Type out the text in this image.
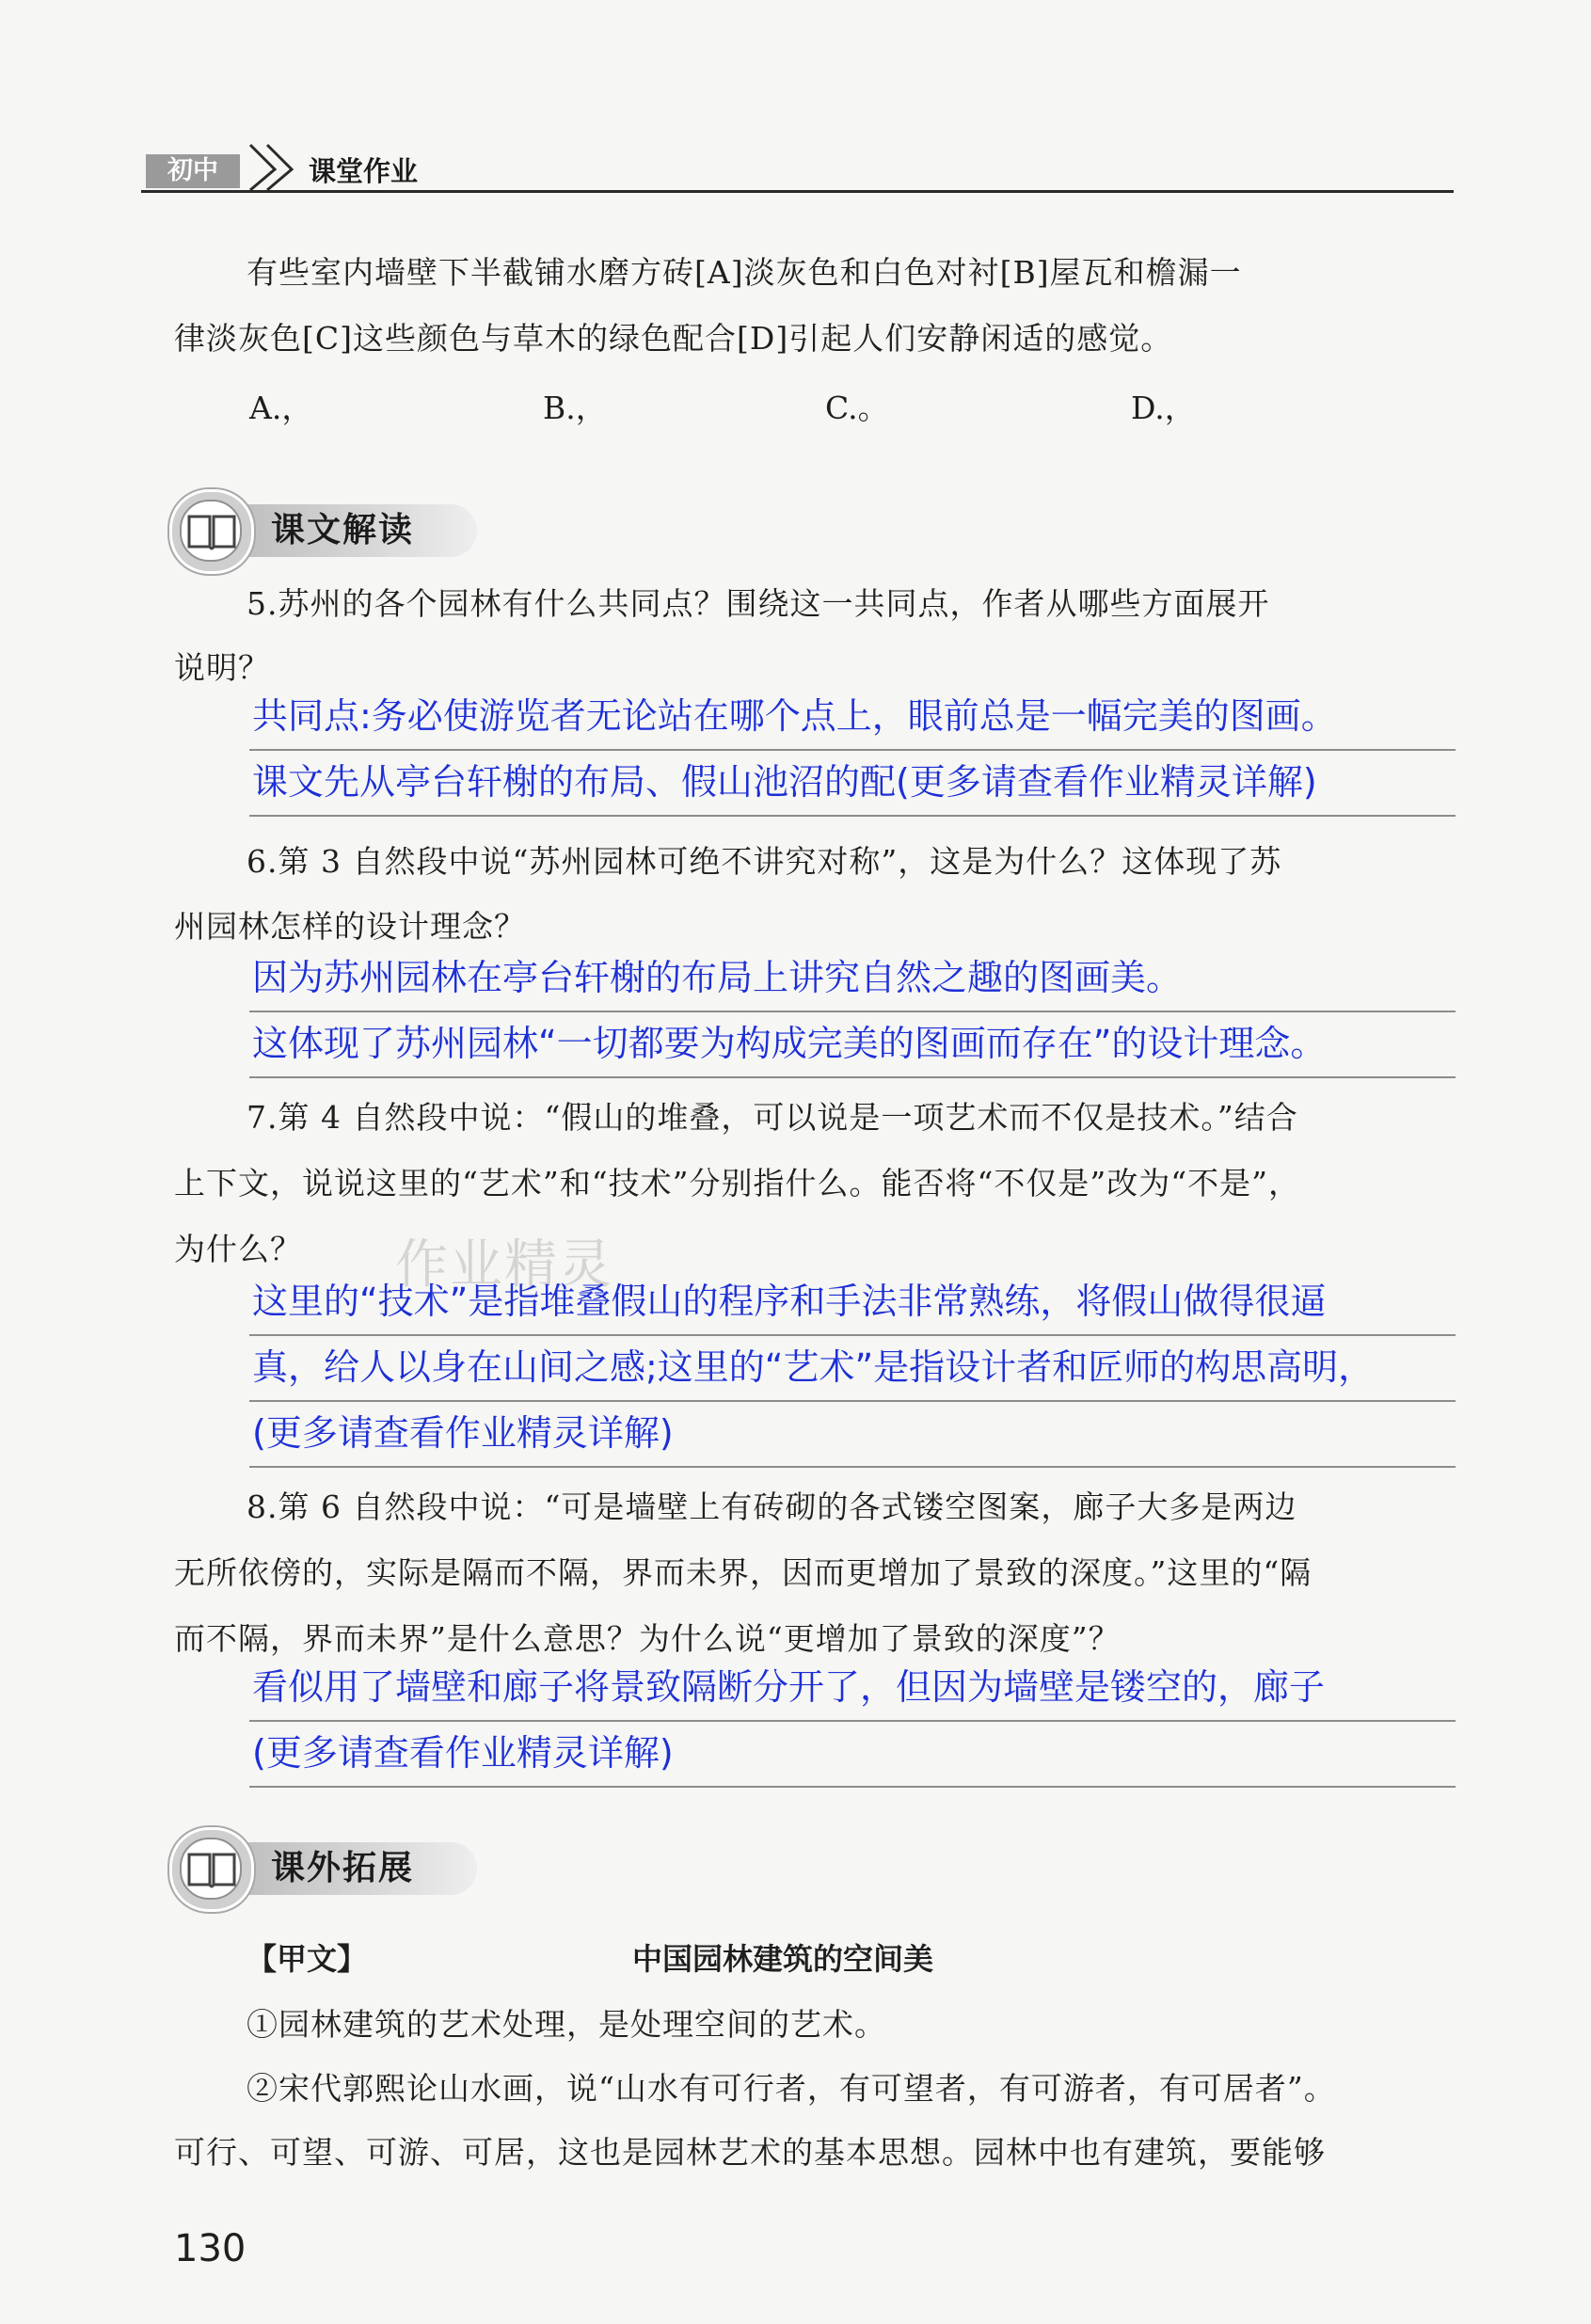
初中	课堂作业
有些室内墙壁下半截铺水磨方砖[A]淡灰色和白色对衬[B]屋瓦和檐漏一
律淡灰色[C]这些颜色与草木的绿色配合[D]引起人们安静闲适的感觉。
A.，	B.，	C.。	D.，
课文解读
5.苏州的各个园林有什么共同点？围绕这一共同点，作者从哪些方面展开
说明？
共同点:务必使游览者无论站在哪个点上，眼前总是一幅完美的图画。
课文先从亭台轩榭的布局、假山池沼的配(更多请查看作业精灵详解)
6.第 3 自然段中说“苏州园林可绝不讲究对称”，这是为什么？这体现了苏
州园林怎样的设计理念？
因为苏州园林在亭台轩榭的布局上讲究自然之趣的图画美。
这体现了苏州园林“一切都要为构成完美的图画而存在”的设计理念。
7.第 4 自然段中说：“假山的堆叠，可以说是一项艺术而不仅是技术。”结合
上下文，说说这里的“艺术”和“技术”分别指什么。能否将“不仅是”改为“不是”，
为什么？ 作业精灵
这里的“技术”是指堆叠假山的程序和手法非常熟练，将假山做得很逼
真，给人以身在山间之感;这里的“艺术”是指设计者和匠师的构思高明，
(更多请查看作业精灵详解)
8.第 6 自然段中说：“可是墙壁上有砖砌的各式镂空图案，廊子大多是两边
无所依傍的，实际是隔而不隔，界而未界，因而更增加了景致的深度。”这里的“隔
而不隔，界而未界”是什么意思？为什么说“更增加了景致的深度”？
看似用了墙壁和廊子将景致隔断分开了，但因为墙壁是镂空的，廊子
(更多请查看作业精灵详解)
课外拓展
【甲文】	中国园林建筑的空间美
①园林建筑的艺术处理，是处理空间的艺术。
②宋代郭熙论山水画，说“山水有可行者，有可望者，有可游者，有可居者”。
可行、可望、可游、可居，这也是园林艺术的基本思想。园林中也有建筑，要能够
130
